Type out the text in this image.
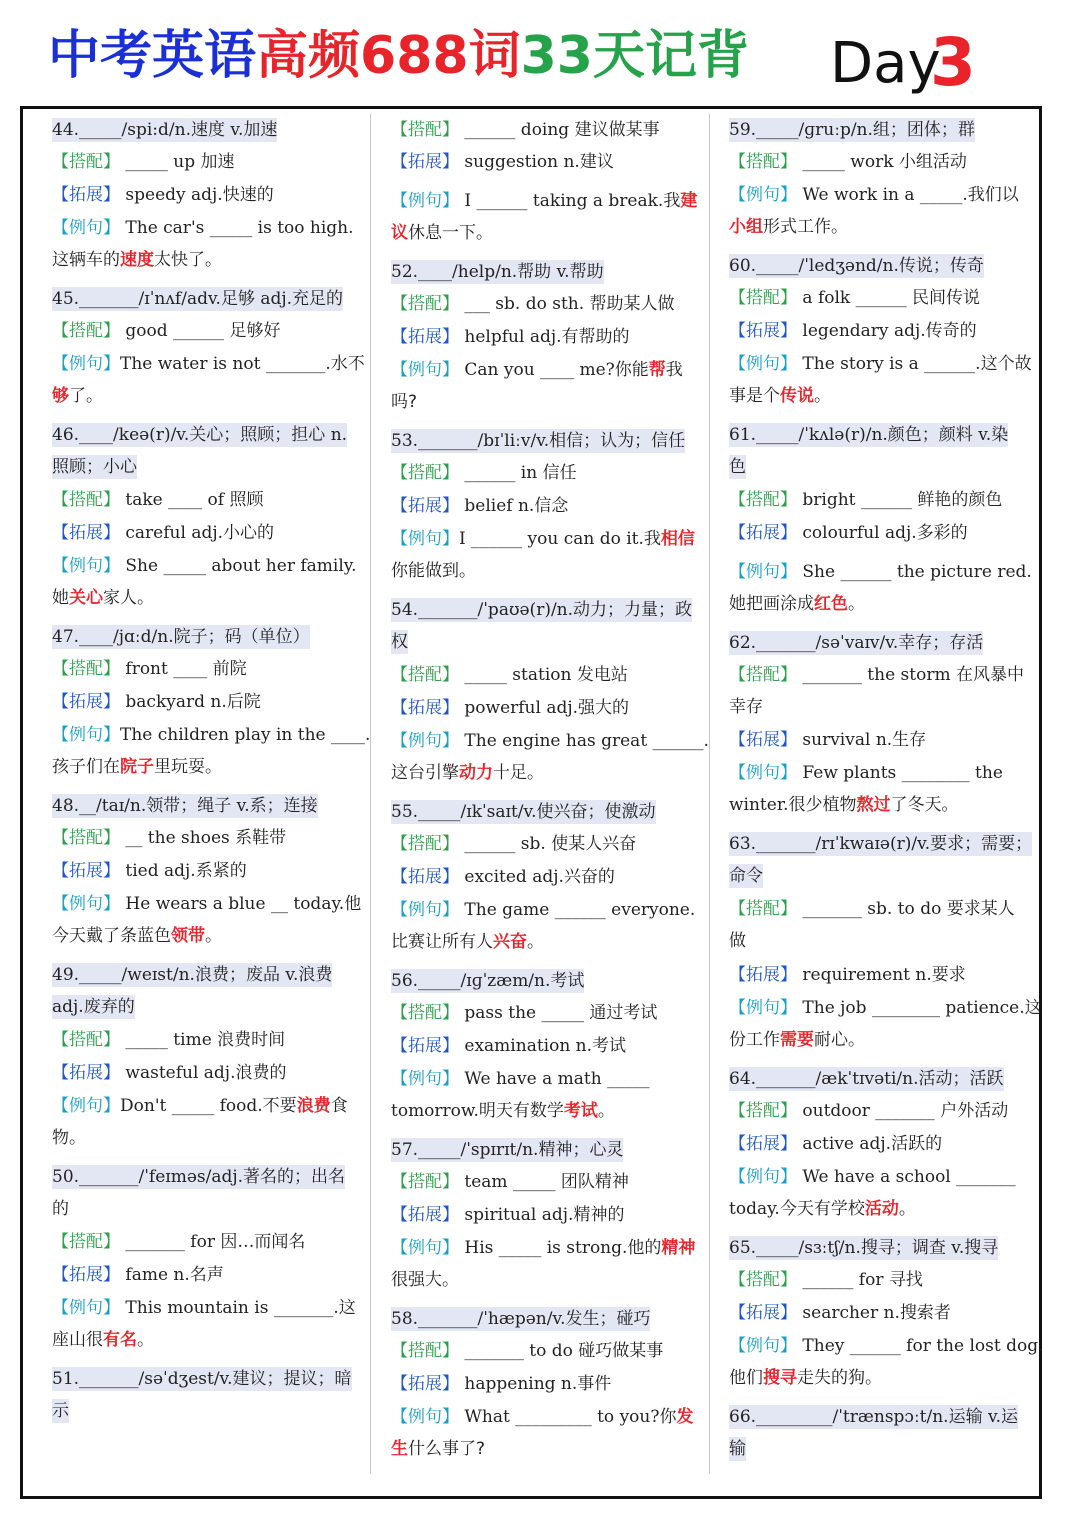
中考英语高频688词33天记背 Day
3
44._____/spi:d/n.速度 v.加速
【搭配】 _____ up 加速
【拓展】 speedy adj.快速的
【例句】 The car's _____ is too high.
这辆车的速度太快了。
45._______/ɪˈnʌf/adv.足够 adj.充足的
【搭配】 good ______ 足够好
【例句】The water is not _______.水不
够了。
46.____/keə(r)/v.关心；照顾；担心 n.
照顾；小心
【搭配】 take ____ of 照顾
【拓展】 careful adj.小心的
【例句】 She _____ about her family.
她关心家人。
47.____/jɑːd/n.院子；码（单位）
【搭配】 front ____ 前院
【拓展】 backyard n.后院
【例句】The children play in the ____.
孩子们在院子里玩耍。
48.__/taɪ/n.领带；绳子 v.系；连接
【搭配】 __ the shoes 系鞋带
【拓展】 tied adj.系紧的
【例句】 He wears a blue __ today.他
今天戴了条蓝色领带。
49._____/weɪst/n.浪费；废品 v.浪费
adj.废弃的
【搭配】 _____ time 浪费时间
【拓展】 wasteful adj.浪费的
【例句】Don't _____ food.不要浪费食
物。
50._______/ˈfeɪməs/adj.著名的；出名
的
【搭配】 _______ for 因…而闻名
【拓展】 fame n.名声
【例句】 This mountain is _______.这
座山很有名。
51._______/səˈdʒest/v.建议；提议；暗
示
【搭配】 ______ doing 建议做某事
【拓展】 suggestion n.建议
【例句】 I ______ taking a break.我建
议休息一下。
52.____/help/n.帮助 v.帮助
【搭配】 ___ sb. do sth. 帮助某人做
【拓展】 helpful adj.有帮助的
【例句】 Can you ____ me?你能帮我
吗?
53._______/bɪˈliːv/v.相信；认为；信任
【搭配】 ______ in 信任
【拓展】 belief n.信念
【例句】I ______ you can do it.我相信
你能做到。
54._______/ˈpaʊə(r)/n.动力；力量；政
权
【搭配】 _____ station 发电站
【拓展】 powerful adj.强大的
【例句】 The engine has great ______.
这台引擎动力十足。
55._____/ɪkˈsaɪt/v.使兴奋；使激动
【搭配】 ______ sb. 使某人兴奋
【拓展】 excited adj.兴奋的
【例句】 The game ______ everyone.
比赛让所有人兴奋。
56._____/ɪɡˈzæm/n.考试
【搭配】 pass the _____ 通过考试
【拓展】 examination n.考试
【例句】 We have a math _____
tomorrow.明天有数学考试。
57._____/ˈspɪrɪt/n.精神；心灵
【搭配】 team _____ 团队精神
【拓展】 spiritual adj.精神的
【例句】 His _____ is strong.他的精神
很强大。
58._______/ˈhæpən/v.发生；碰巧
【搭配】 _______ to do 碰巧做某事
【拓展】 happening n.事件
【例句】 What _________ to you?你发
生什么事了?
59._____/ɡruːp/n.组；团体；群
【搭配】 _____ work 小组活动
【例句】 We work in a _____.我们以
小组形式工作。
60._____/ˈledʒənd/n.传说；传奇
【搭配】 a folk ______ 民间传说
【拓展】 legendary adj.传奇的
【例句】 The story is a ______.这个故
事是个传说。
61._____/ˈkʌlə(r)/n.颜色；颜料 v.染
色
【搭配】 bright ______ 鲜艳的颜色
【拓展】 colourful adj.多彩的
【例句】 She ______ the picture red.
她把画涂成红色。
62._______/səˈvaɪv/v.幸存；存活
【搭配】 _______ the storm 在风暴中
幸存
【拓展】 survival n.生存
【例句】 Few plants ________ the
winter.很少植物熬过了冬天。
63._______/rɪˈkwaɪə(r)/v.要求；需要；
命令
【搭配】 _______ sb. to do 要求某人
做
【拓展】 requirement n.要求
【例句】 The job ________ patience.这
份工作需要耐心。
64._______/ækˈtɪvəti/n.活动；活跃
【搭配】 outdoor _______ 户外活动
【拓展】 active adj.活跃的
【例句】 We have a school _______
today.今天有学校活动。
65._____/sɜːtʃ/n.搜寻；调查 v.搜寻
【搭配】 ______ for 寻找
【拓展】 searcher n.搜索者
【例句】 They ______ for the lost dog.
他们搜寻走失的狗。
66._________/ˈtrænspɔːt/n.运输 v.运
输
